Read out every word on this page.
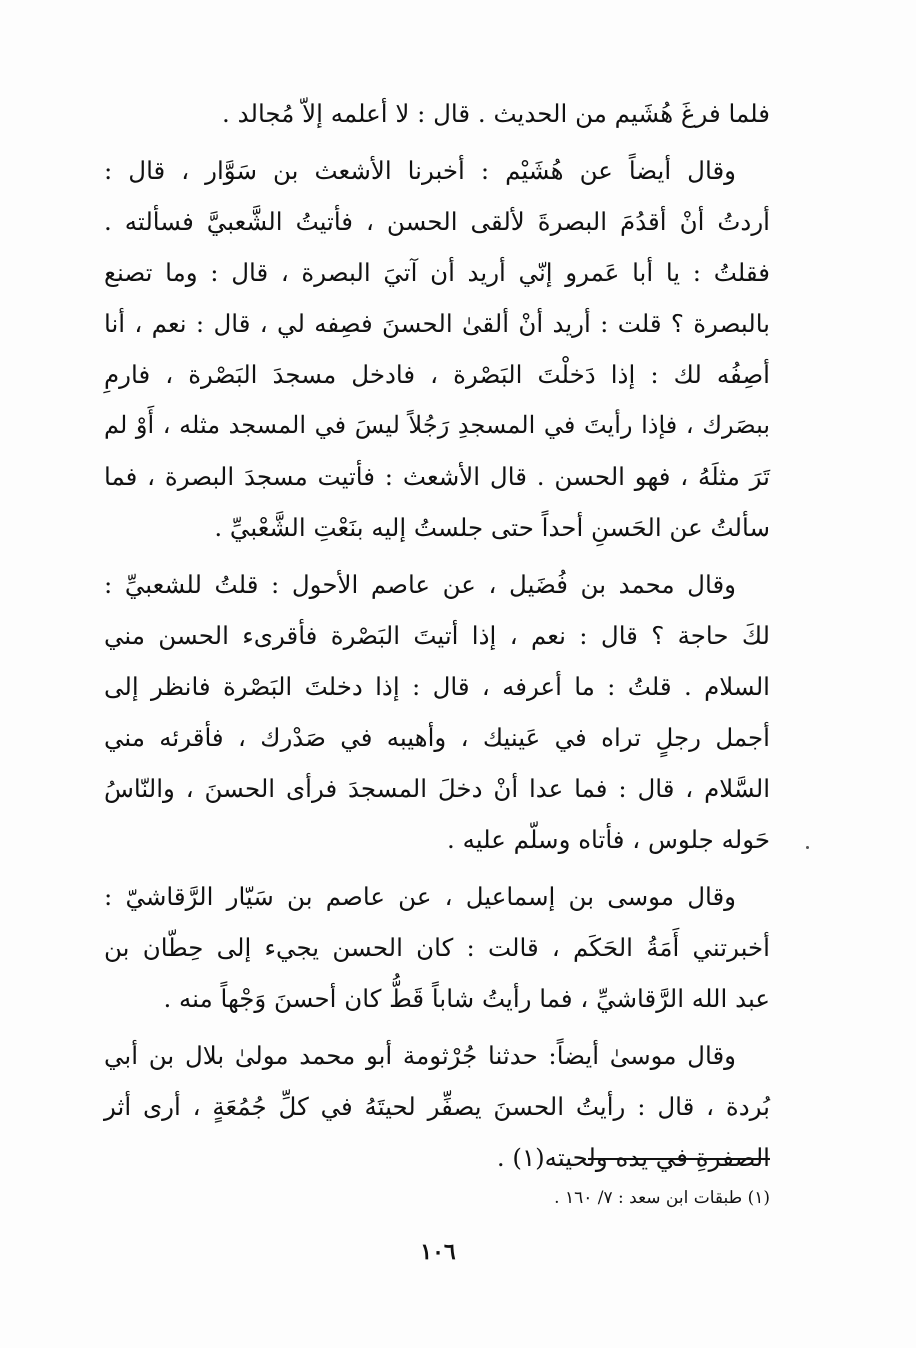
فلما فرغَ هُشَيم من الحديث . قال : لا أعلمه إلاّ مُجالد .
وقال أيضاً عن هُشَيْم : أخبرنا الأشعث بن سَوَّار ، قال :
أردتُ أنْ أقدُمَ البصرةَ لألقى الحسن ، فأتيتُ الشَّعبيَّ فسألته .
فقلتُ : يا أبا عَمرو إنّي أريد أن آتيَ البصرة ، قال : وما تصنع
بالبصرة ؟ قلت : أريد أنْ ألقىٰ الحسنَ فصِفه لي ، قال : نعم ، أنا
أصِفُه لك : إذا دَخلْتَ البَصْرة ، فادخل مسجدَ البَصْرة ، فارمِ
ببصَرك ، فإذا رأيتَ في المسجدِ رَجُلاً ليسَ في المسجد مثله ، أَوْ لم
تَرَ مثلَهُ ، فهو الحسن . قال الأشعث : فأتيت مسجدَ البصرة ، فما
سألتُ عن الحَسنِ أحداً حتى جلستُ إليه بنَعْتِ الشَّعْبيِّ .
وقال محمد بن فُضَيل ، عن عاصم الأحول : قلتُ للشعبيِّ :
لكَ حاجة ؟ قال : نعم ، إذا أتيتَ البَصْرة فأقرىء الحسن مني
السلام . قلتُ : ما أعرفه ، قال : إذا دخلتَ البَصْرة فانظر إلى
أجمل رجلٍ تراه في عَينيك ، وأهيبه في صَدْرك ، فأقرئه مني
السَّلام ، قال : فما عدا أنْ دخلَ المسجدَ فرأى الحسنَ ، والنّاسُ
حَوله جلوس ، فأتاه وسلّم عليه .
وقال موسى بن إسماعيل ، عن عاصم بن سَيّار الرَّقاشيّ :
أخبرتني أَمَةُ الحَكَم ، قالت : كان الحسن يجيء إلى حِطّان بن
عبد الله الرَّقاشيِّ ، فما رأيتُ شاباً قَطُّ كان أحسنَ وَجْهاً منه .
وقال موسىٰ أيضاً: حدثنا جُرْثومة أبو محمد مولىٰ بلال بن أبي
بُردة ، قال : رأيتُ الحسنَ يصفِّر لحيتَهُ في كلِّ جُمُعَةٍ ، أرى أثر
الصفرةِ في يده ولحيته(١) .
(١) طبقات ابن سعد : ٧/ ١٦٠ .
١٠٦
